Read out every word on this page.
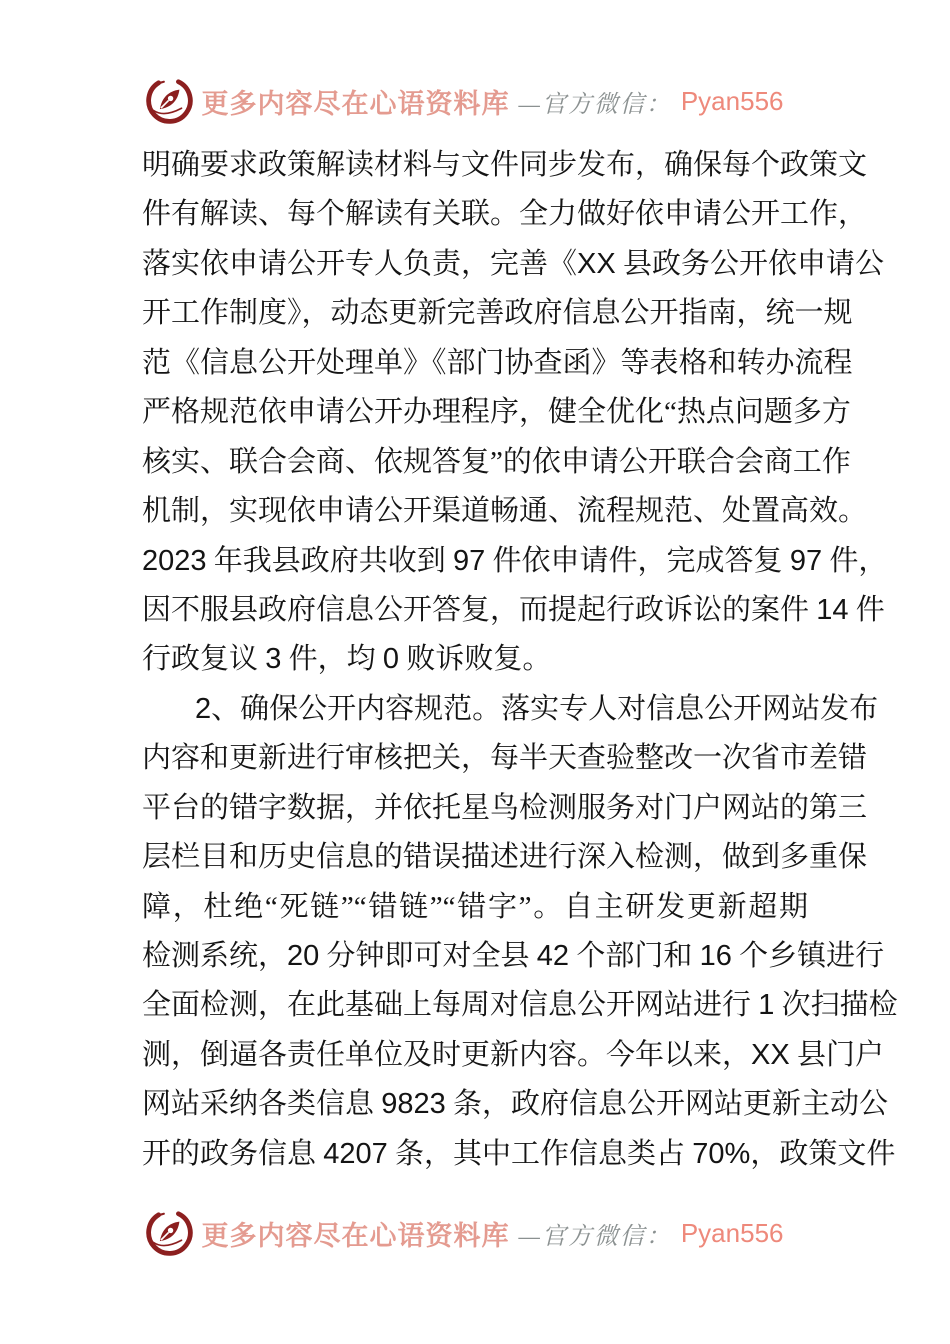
更多内容尽在心语资料库 —官方微信： Pyan556
明确要求政策解读材料与文件同步发布，确保每个政策文
件有解读、每个解读有关联。全力做好依申请公开工作，
落实依申请公开专人负责，完善《XX 县政务公开依申请公
开工作制度》，动态更新完善政府信息公开指南，统一规
范《信息公开处理单》《部门协查函》等表格和转办流程
严格规范依申请公开办理程序，健全优化“热点问题多方
核实、联合会商、依规答复”的依申请公开联合会商工作
机制，实现依申请公开渠道畅通、流程规范、处置高效。
2023 年我县政府共收到 97 件依申请件，完成答复 97 件，
因不服县政府信息公开答复，而提起行政诉讼的案件 14 件
行政复议 3 件，均 0 败诉败复。
2、确保公开内容规范。落实专人对信息公开网站发布
内容和更新进行审核把关，每半天查验整改一次省市差错
平台的错字数据，并依托星鸟检测服务对门户网站的第三
层栏目和历史信息的错误描述进行深入检测，做到多重保
障，杜绝“死链”“错链”“错字”。自主研发更新超期
检测系统，20 分钟即可对全县 42 个部门和 16 个乡镇进行
全面检测，在此基础上每周对信息公开网站进行 1 次扫描检
测，倒逼各责任单位及时更新内容。今年以来，XX 县门户
网站采纳各类信息 9823 条，政府信息公开网站更新主动公
开的政务信息 4207 条，其中工作信息类占 70%，政策文件
更多内容尽在心语资料库 —官方微信： Pyan556
